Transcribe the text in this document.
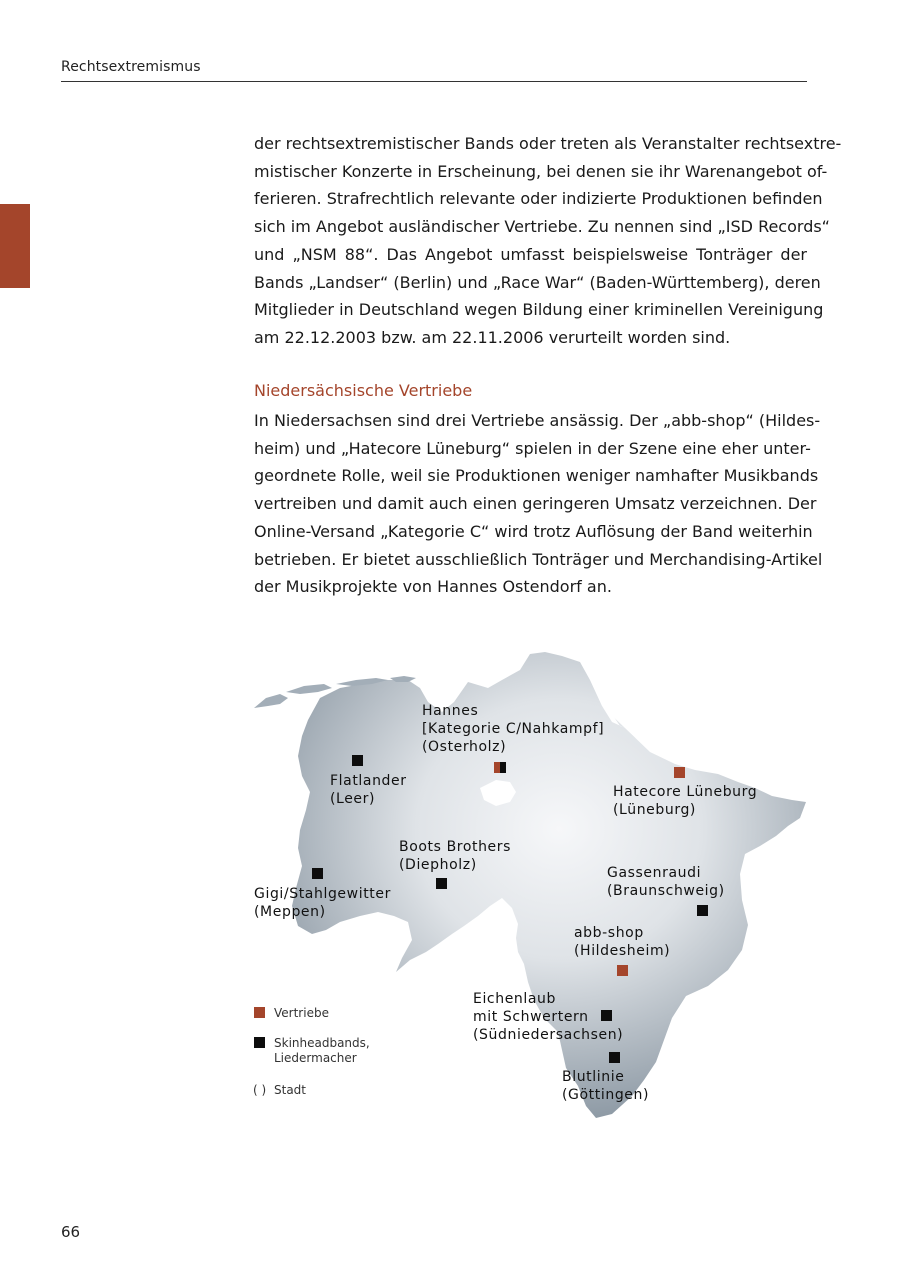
Rechtsextremismus

der rechtsextremistischer Bands oder treten als Veranstalter rechtsextre-
mistischer Konzerte in Erscheinung, bei denen sie ihr Warenangebot of-
ferieren. Strafrechtlich relevante oder indizierte Produktionen befinden
sich im Angebot ausländischer Vertriebe. Zu nennen sind „ISD Records“
und „NSM 88“. Das Angebot umfasst beispielsweise Tonträger der
Bands „Landser“ (Berlin) und „Race War“ (Baden-Württemberg), deren
Mitglieder in Deutschland wegen Bildung einer kriminellen Vereinigung
am 22.12.2003 bzw. am 22.11.2006 verurteilt worden sind.

Niedersächsische Vertriebe

In Niedersachsen sind drei Vertriebe ansässig. Der „abb-shop“ (Hildes-
heim) und „Hatecore Lüneburg“ spielen in der Szene eine eher unter-
geordnete Rolle, weil sie Produktionen weniger namhafter Musikbands
vertreiben und damit auch einen geringeren Umsatz verzeichnen. Der
Online-Versand „Kategorie C“ wird trotz Auflösung der Band weiterhin
betrieben. Er bietet ausschließlich Tonträger und Merchandising-Artikel
der Musikprojekte von Hannes Ostendorf an.

Hannes
[Kategorie C/Nahkampf]
(Osterholz)
Flatlander
(Leer)	Hatecore Lüneburg
(Lüneburg)
Boots Brothers
(Diepholz)
Gigi/Stahlgewitter
(Meppen)
Gassenraudi
(Braunschweig)
abb-shop
(Hildesheim)
Eichenlaub
mit Schwertern
(Südniedersachsen)
Blutlinie
(Göttingen)
Vertriebe
Skinheadbands,
Liedermacher
( ) Stadt
66
